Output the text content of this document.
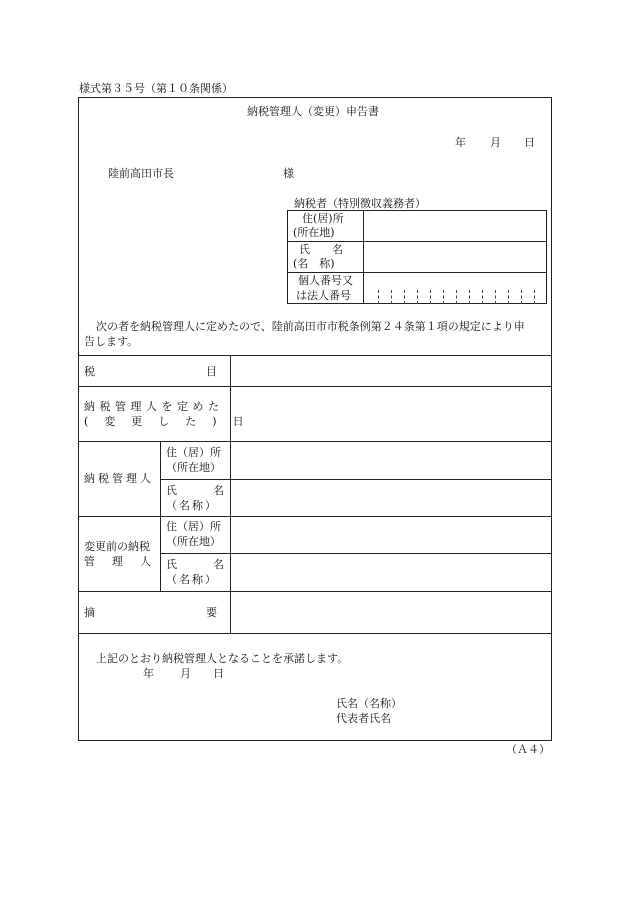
様式第３５号（第１０条関係）
納税管理人（変更）申告書
年 月 日
陸前高田市長	様
納税者（特別徴収義務者）
住(居)所
(所在地)
氏　　名
(名　称)
個人番号又
は法人番号
次の者を納税管理人に定めたので、陸前高田市市税条例第２４条第１項の規定により申
告します。
税目
納税管理人を定めた
(変更した)日
納税管理人
住（居）所
（所在地）
氏名
（名称）
変更前の納税
管理人
住（居）所
（所在地）
氏名
（名称）
摘要
上記のとおり納税管理人となることを承諾します。
年 月 日
氏名（名称）
代表者氏名
（Ａ４）
